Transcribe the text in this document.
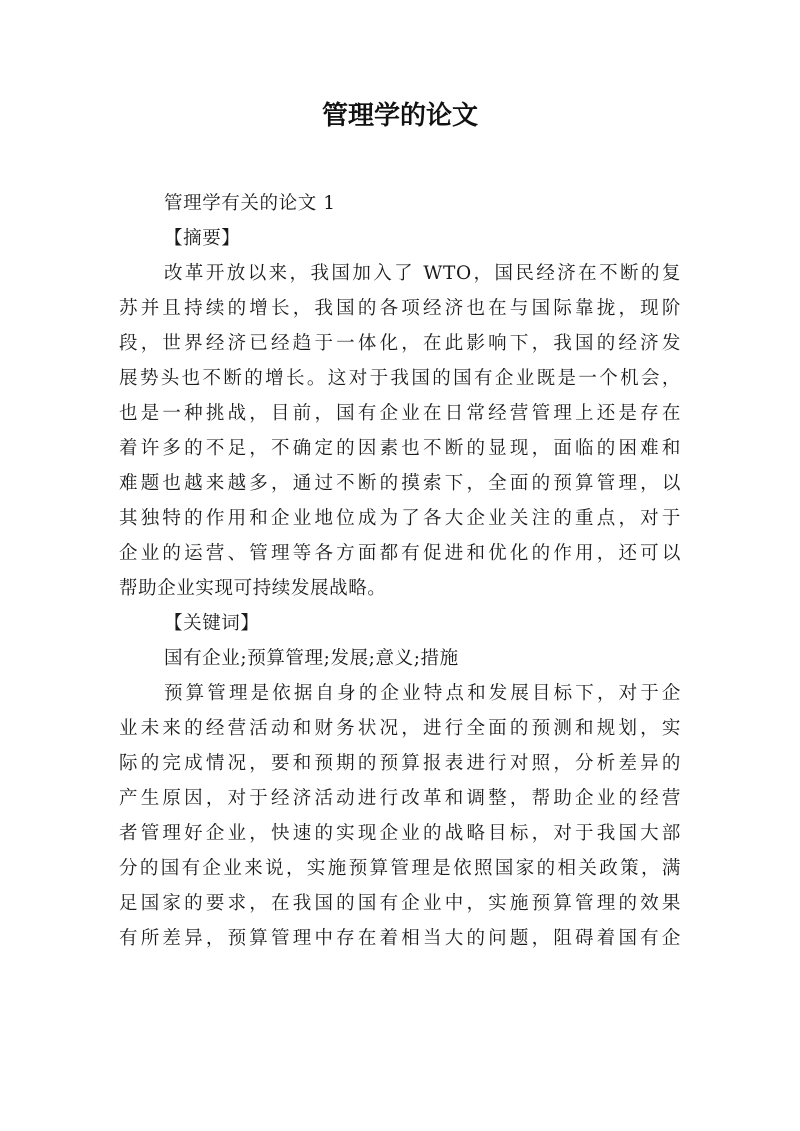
管理学的论文
管理学有关的论文 1
【摘要】
改革开放以来，我国加入了 WTO，国民经济在不断的复
苏并且持续的增长，我国的各项经济也在与国际靠拢，现阶
段，世界经济已经趋于一体化，在此影响下，我国的经济发
展势头也不断的增长。这对于我国的国有企业既是一个机会，
也是一种挑战，目前，国有企业在日常经营管理上还是存在
着许多的不足，不确定的因素也不断的显现，面临的困难和
难题也越来越多，通过不断的摸索下，全面的预算管理，以
其独特的作用和企业地位成为了各大企业关注的重点，对于
企业的运营、管理等各方面都有促进和优化的作用，还可以
帮助企业实现可持续发展战略。
【关键词】
国有企业;预算管理;发展;意义;措施
预算管理是依据自身的企业特点和发展目标下，对于企
业未来的经营活动和财务状况，进行全面的预测和规划，实
际的完成情况，要和预期的预算报表进行对照，分析差异的
产生原因，对于经济活动进行改革和调整，帮助企业的经营
者管理好企业，快速的实现企业的战略目标，对于我国大部
分的国有企业来说，实施预算管理是依照国家的相关政策，满
足国家的要求，在我国的国有企业中，实施预算管理的效果
有所差异，预算管理中存在着相当大的问题，阻碍着国有企
